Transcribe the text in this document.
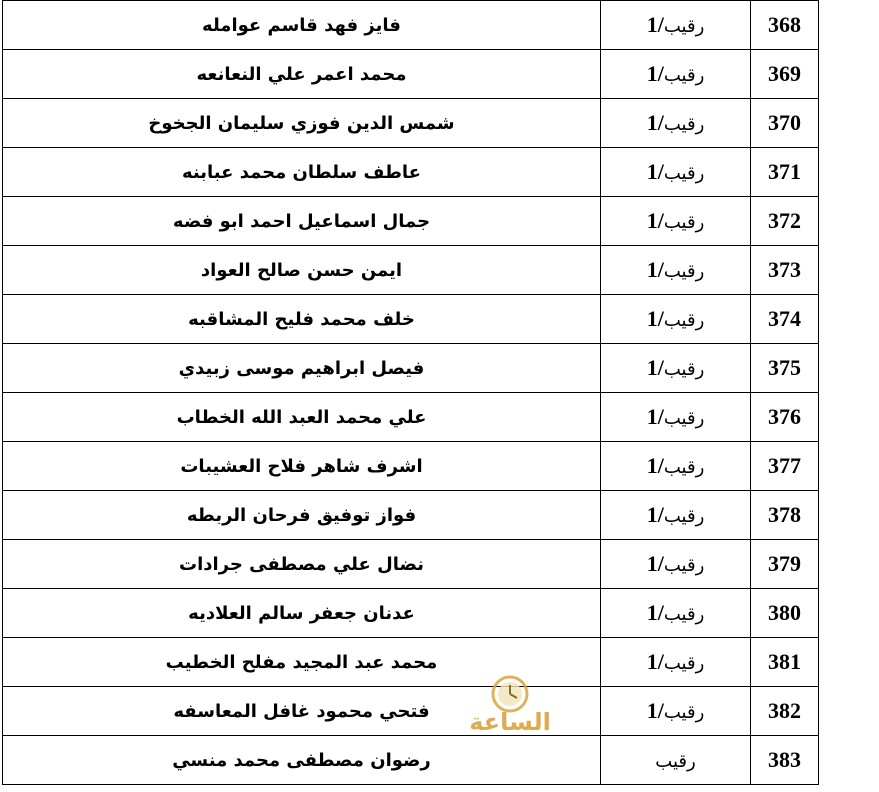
368	رقيب/1	فايز فهد قاسم عوامله
369	رقيب/1	محمد اعمر علي النعانعه
370	رقيب/1	شمس الدين فوزي سليمان الجخوخ
371	رقيب/1	عاطف سلطان محمد عبابنه
372	رقيب/1	جمال اسماعيل احمد ابو فضه
373	رقيب/1	ايمن حسن صالح العواد
374	رقيب/1	خلف محمد فليح المشاقبه
375	رقيب/1	فيصل ابراهيم موسى زبيدي
376	رقيب/1	علي محمد العبد الله الخطاب
377	رقيب/1	اشرف شاهر فلاح العشيبات
378	رقيب/1	فواز توفيق فرحان الربطه
379	رقيب/1	نضال علي مصطفى جرادات
380	رقيب/1	عدنان جعفر سالم العلاديه
381	رقيب/1	محمد عبد المجيد مفلح الخطيب
382	رقيب/1	فتحي محمود غافل المعاسفه
383	رقيب	رضوان مصطفى محمد منسي
الساعة
